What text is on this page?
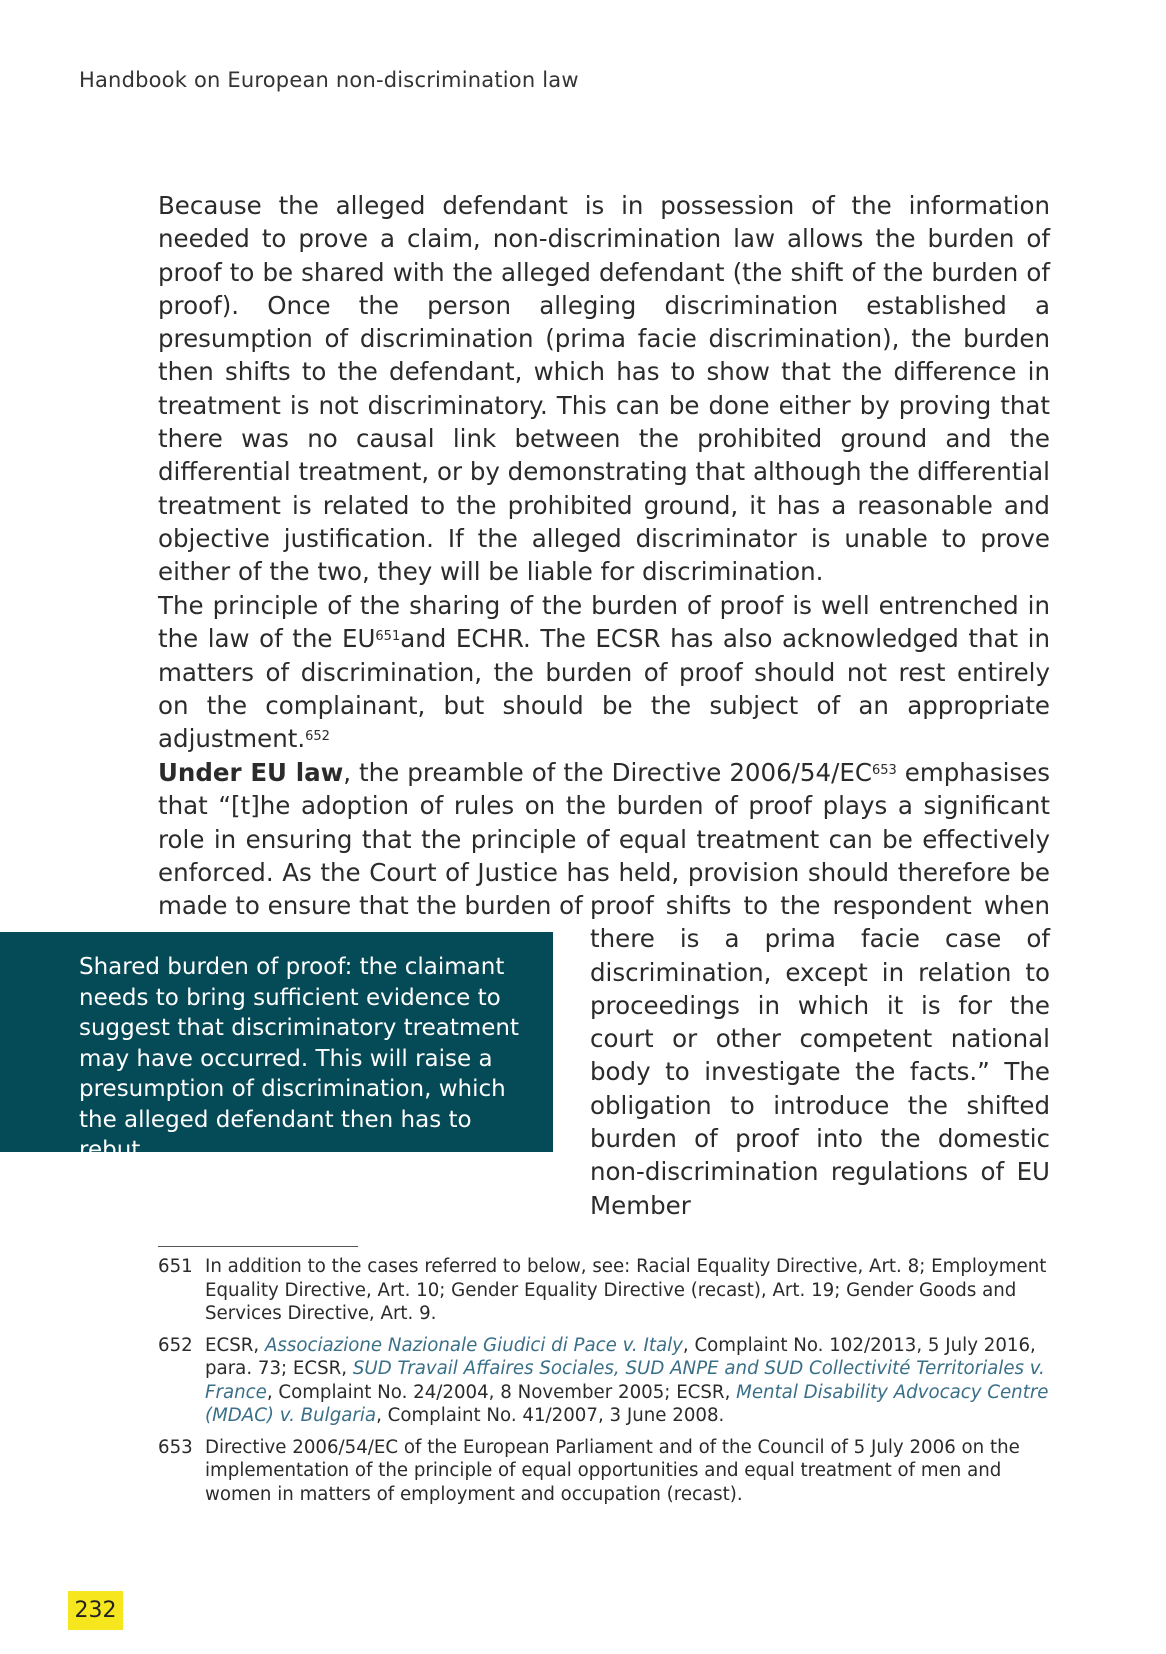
Handbook on European non-discrimination law

Because the alleged defendant is in possession of the information needed to prove a claim, non-discrimination law allows the burden of proof to be shared with the alleged defendant (the shift of the burden of proof). Once the person alleging discrimination established a presumption of discrimination (prima facie discrimination), the burden then shifts to the defendant, which has to show that the difference in treatment is not discriminatory. This can be done either by proving that there was no causal link between the prohibited ground and the differential treatment, or by demonstrating that although the differential treatment is related to the prohibited ground, it has a reasonable and objective justification. If the alleged discriminator is unable to prove either of the two, they will be liable for discrimination.

The principle of the sharing of the burden of proof is well entrenched in the law of the EU$^{651}$and ECHR. The ECSR has also acknowledged that in matters of discrimination, the burden of proof should not rest entirely on the complainant, but should be the subject of an appropriate adjustment.$^{652}$

Under EU law, the preamble of the Directive 2006/54/EC$^{653}$ emphasises that “[t]he adoption of rules on the burden of proof plays a significant role in ensuring that the principle of equal treatment can be effectively enforced. As the Court of Justice has held, provision should therefore be made to ensure that the burden of proof shifts to the respondent when there is a prima facie case of discrimination, except in relation to proceedings in which it is for the court or other competent national body to investigate the facts.” The obligation to introduce the shifted burden of proof into the domestic non-discrimination regulations of EU Member
Shared burden of proof: the claimant needs to bring sufficient evidence to suggest that discriminatory treatment may have occurred. This will raise a presumption of discrimination, which the alleged defendant then has to rebut.
651 In addition to the cases referred to below, see: Racial Equality Directive, Art. 8; Employment Equality Directive, Art. 10; Gender Equality Directive (recast), Art. 19; Gender Goods and Services Directive, Art. 9.
652 ECSR, Associazione Nazionale Giudici di Pace v. Italy, Complaint No. 102/2013, 5 July 2016, para. 73; ECSR, SUD Travail Affaires Sociales, SUD ANPE and SUD Collectivité Territoriales v. France, Complaint No. 24/2004, 8 November 2005; ECSR, Mental Disability Advocacy Centre (MDAC) v. Bulgaria, Complaint No. 41/2007, 3 June 2008.
653 Directive 2006/54/EC of the European Parliament and of the Council of 5 July 2006 on the implementation of the principle of equal opportunities and equal treatment of men and women in matters of employment and occupation (recast).
232
